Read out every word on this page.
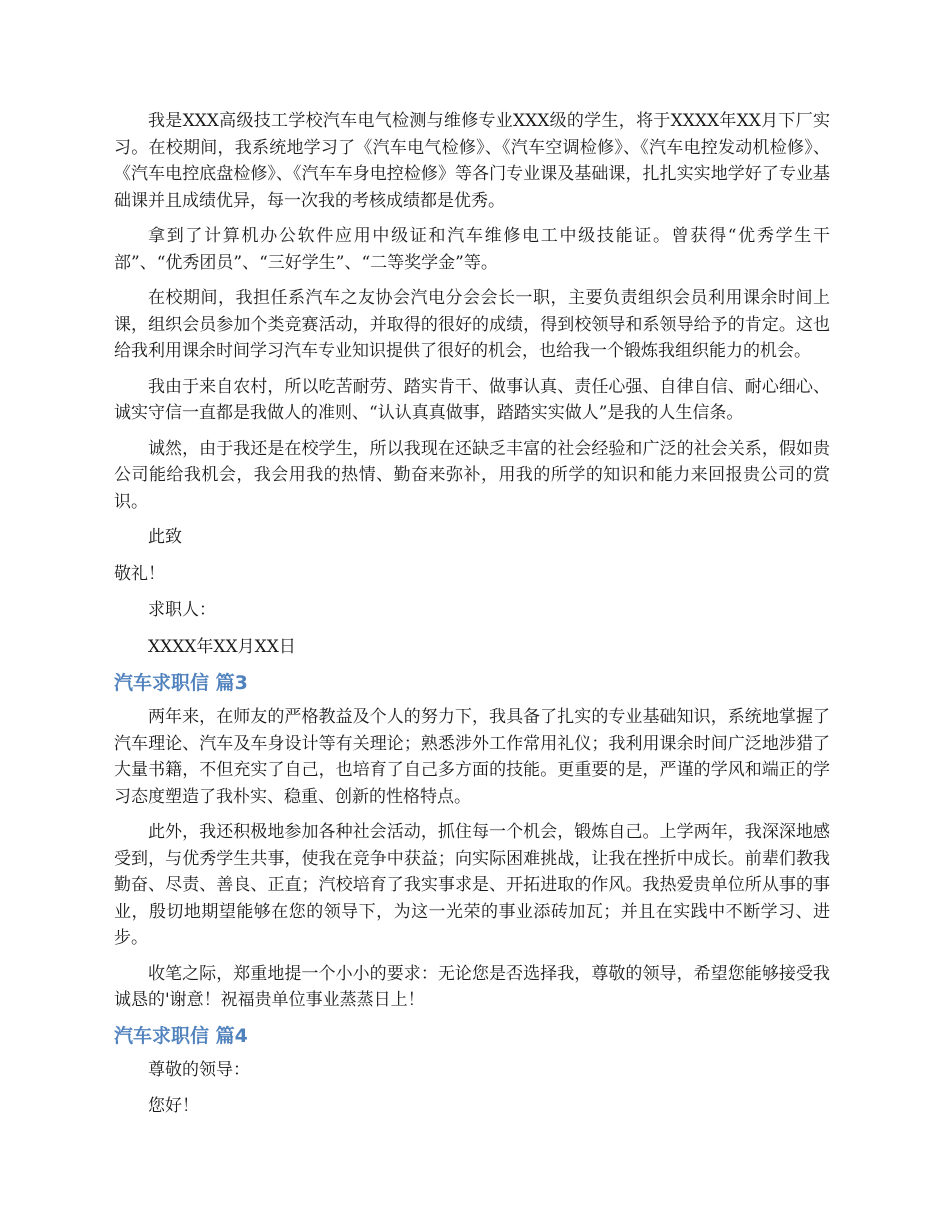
我是XXX高级技工学校汽车电气检测与维修专业XXX级的学生，将于XXXX年XX月下厂实习。在校期间，我系统地学习了《汽车电气检修》、《汽车空调检修》、《汽车电控发动机检修》、《汽车电控底盘检修》、《汽车车身电控检修》等各门专业课及基础课，扎扎实实地学好了专业基础课并且成绩优异，每一次我的考核成绩都是优秀。

拿到了计算机办公软件应用中级证和汽车维修电工中级技能证。曾获得“优秀学生干部”、“优秀团员”、“三好学生”、“二等奖学金”等。

在校期间，我担任系汽车之友协会汽电分会会长一职，主要负责组织会员利用课余时间上课，组织会员参加个类竞赛活动，并取得的很好的成绩，得到校领导和系领导给予的肯定。这也给我利用课余时间学习汽车专业知识提供了很好的机会，也给我一个锻炼我组织能力的机会。

我由于来自农村，所以吃苦耐劳、踏实肯干、做事认真、责任心强、自律自信、耐心细心、诚实守信一直都是我做人的准则、“认认真真做事，踏踏实实做人”是我的人生信条。

诚然，由于我还是在校学生，所以我现在还缺乏丰富的社会经验和广泛的社会关系，假如贵公司能给我机会，我会用我的热情、勤奋来弥补，用我的所学的知识和能力来回报贵公司的赏识。

此致

敬礼！

求职人：

XXXX年XX月XX日

汽车求职信 篇3

两年来，在师友的严格教益及个人的努力下，我具备了扎实的专业基础知识，系统地掌握了汽车理论、汽车及车身设计等有关理论；熟悉涉外工作常用礼仪；我利用课余时间广泛地涉猎了大量书籍，不但充实了自己，也培育了自己多方面的技能。更重要的是，严谨的学风和端正的学习态度塑造了我朴实、稳重、创新的性格特点。

此外，我还积极地参加各种社会活动，抓住每一个机会，锻炼自己。上学两年，我深深地感受到，与优秀学生共事，使我在竞争中获益；向实际困难挑战，让我在挫折中成长。前辈们教我勤奋、尽责、善良、正直；汽校培育了我实事求是、开拓进取的作风。我热爱贵单位所从事的事业，殷切地期望能够在您的领导下，为这一光荣的事业添砖加瓦；并且在实践中不断学习、进步。

收笔之际，郑重地提一个小小的要求：无论您是否选择我，尊敬的领导，希望您能够接受我诚恳的'谢意！祝福贵单位事业蒸蒸日上！

汽车求职信 篇4

尊敬的领导：

您好！
